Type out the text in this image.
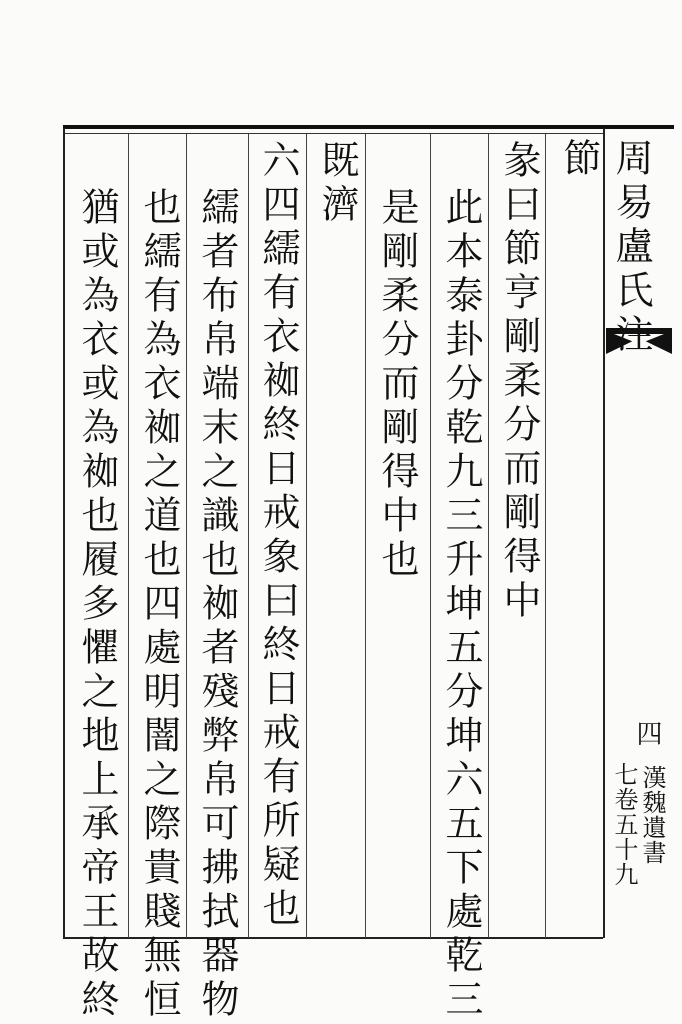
周易盧氏注
節
彖曰節亨剛柔分而剛得中
此本泰卦分乾九三升坤五分坤六五下處乾三
是剛柔分而剛得中也
既濟
六四繻有衣袽終日戒象曰終日戒有所疑也
繻者布帛端末之識也袽者殘弊帛可拂拭器物
也繻有為衣袽之道也四處明闇之際貴賤無恒
猶或為衣或為袽也履多懼之地上承帝王故終	四
漢魏遺書
七卷五十九
